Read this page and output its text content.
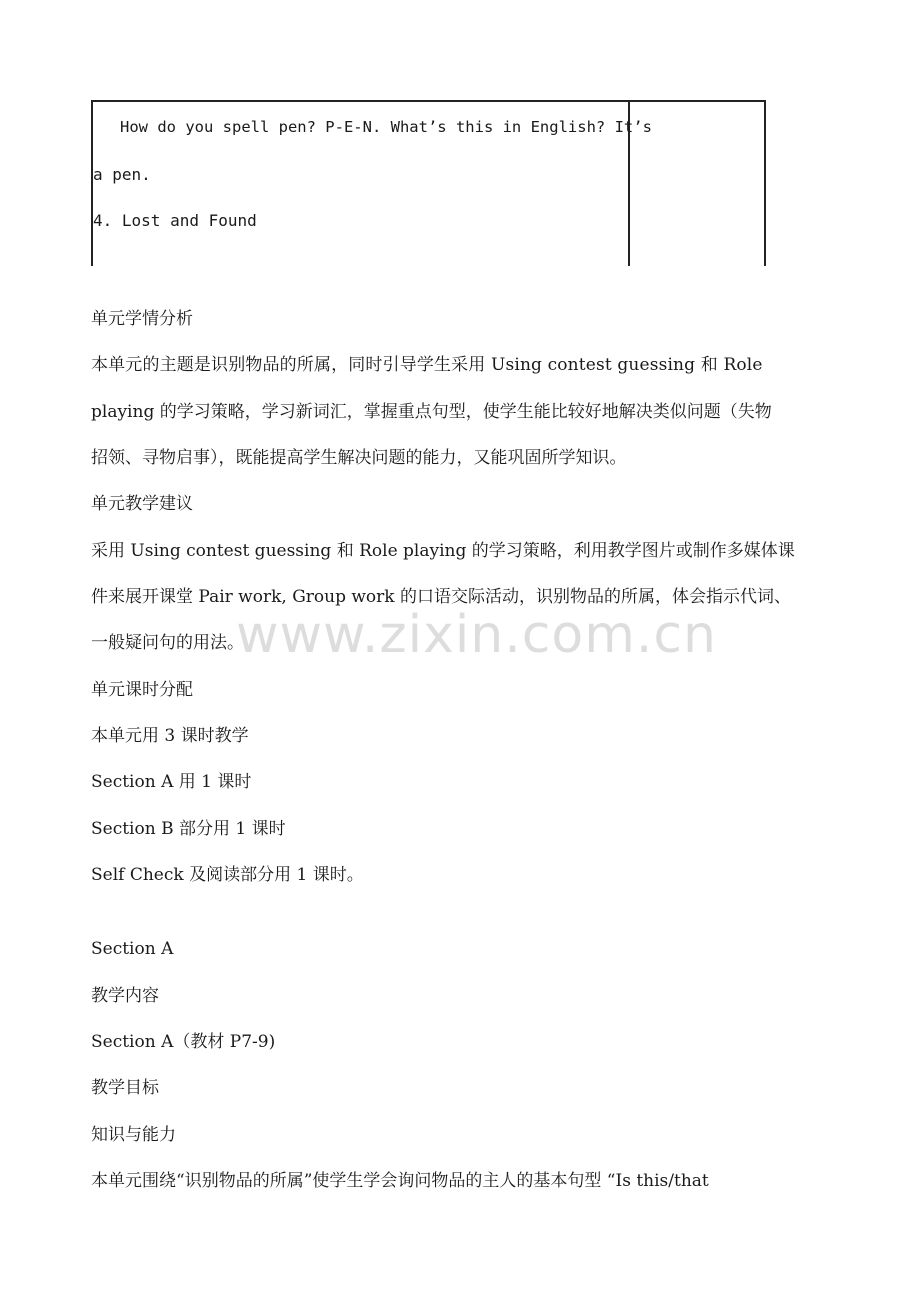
How do you spell pen? P-E-N. What’s this in English? It’s
a pen.
4. Lost and Found
单元学情分析
本单元的主题是识别物品的所属，同时引导学生采用 Using contest guessing 和 Role
playing 的学习策略，学习新词汇，掌握重点句型，使学生能比较好地解决类似问题（失物
招领、寻物启事），既能提高学生解决问题的能力，又能巩固所学知识。
单元教学建议
采用 Using contest guessing 和 Role playing 的学习策略，利用教学图片或制作多媒体课
件来展开课堂 Pair work, Group work 的口语交际活动，识别物品的所属，体会指示代词、
一般疑问句的用法。
单元课时分配
本单元用 3 课时教学
Section A 用 1 课时
Section B 部分用 1 课时
Self Check 及阅读部分用 1 课时。
Section A
教学内容
Section A（教材 P7-9)
教学目标
知识与能力
本单元围绕“识别物品的所属”使学生学会询问物品的主人的基本句型 “Is this/that
www.zixin.com.cn
